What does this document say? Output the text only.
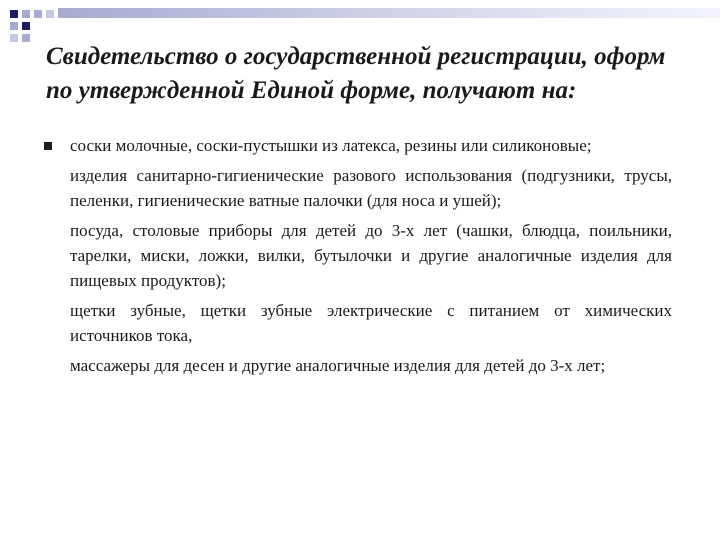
Свидетельство о государственной регистрации, оформ
по утвержденной Единой форме, получают на:

соски молочные, соски-пустышки из латекса, резины или силиконовые;

изделия санитарно-гигиенические разового использования (подгузники, трусы, пеленки, гигиенические ватные палочки (для носа и ушей);

посуда, столовые приборы для детей до 3-х лет (чашки, блюдца, поильники, тарелки, миски, ложки, вилки, бутылочки и другие аналогичные изделия для пищевых продуктов);

щетки зубные, щетки зубные электрические с питанием от химических источников тока,

массажеры для десен и другие аналогичные изделия для детей до 3-х лет;
